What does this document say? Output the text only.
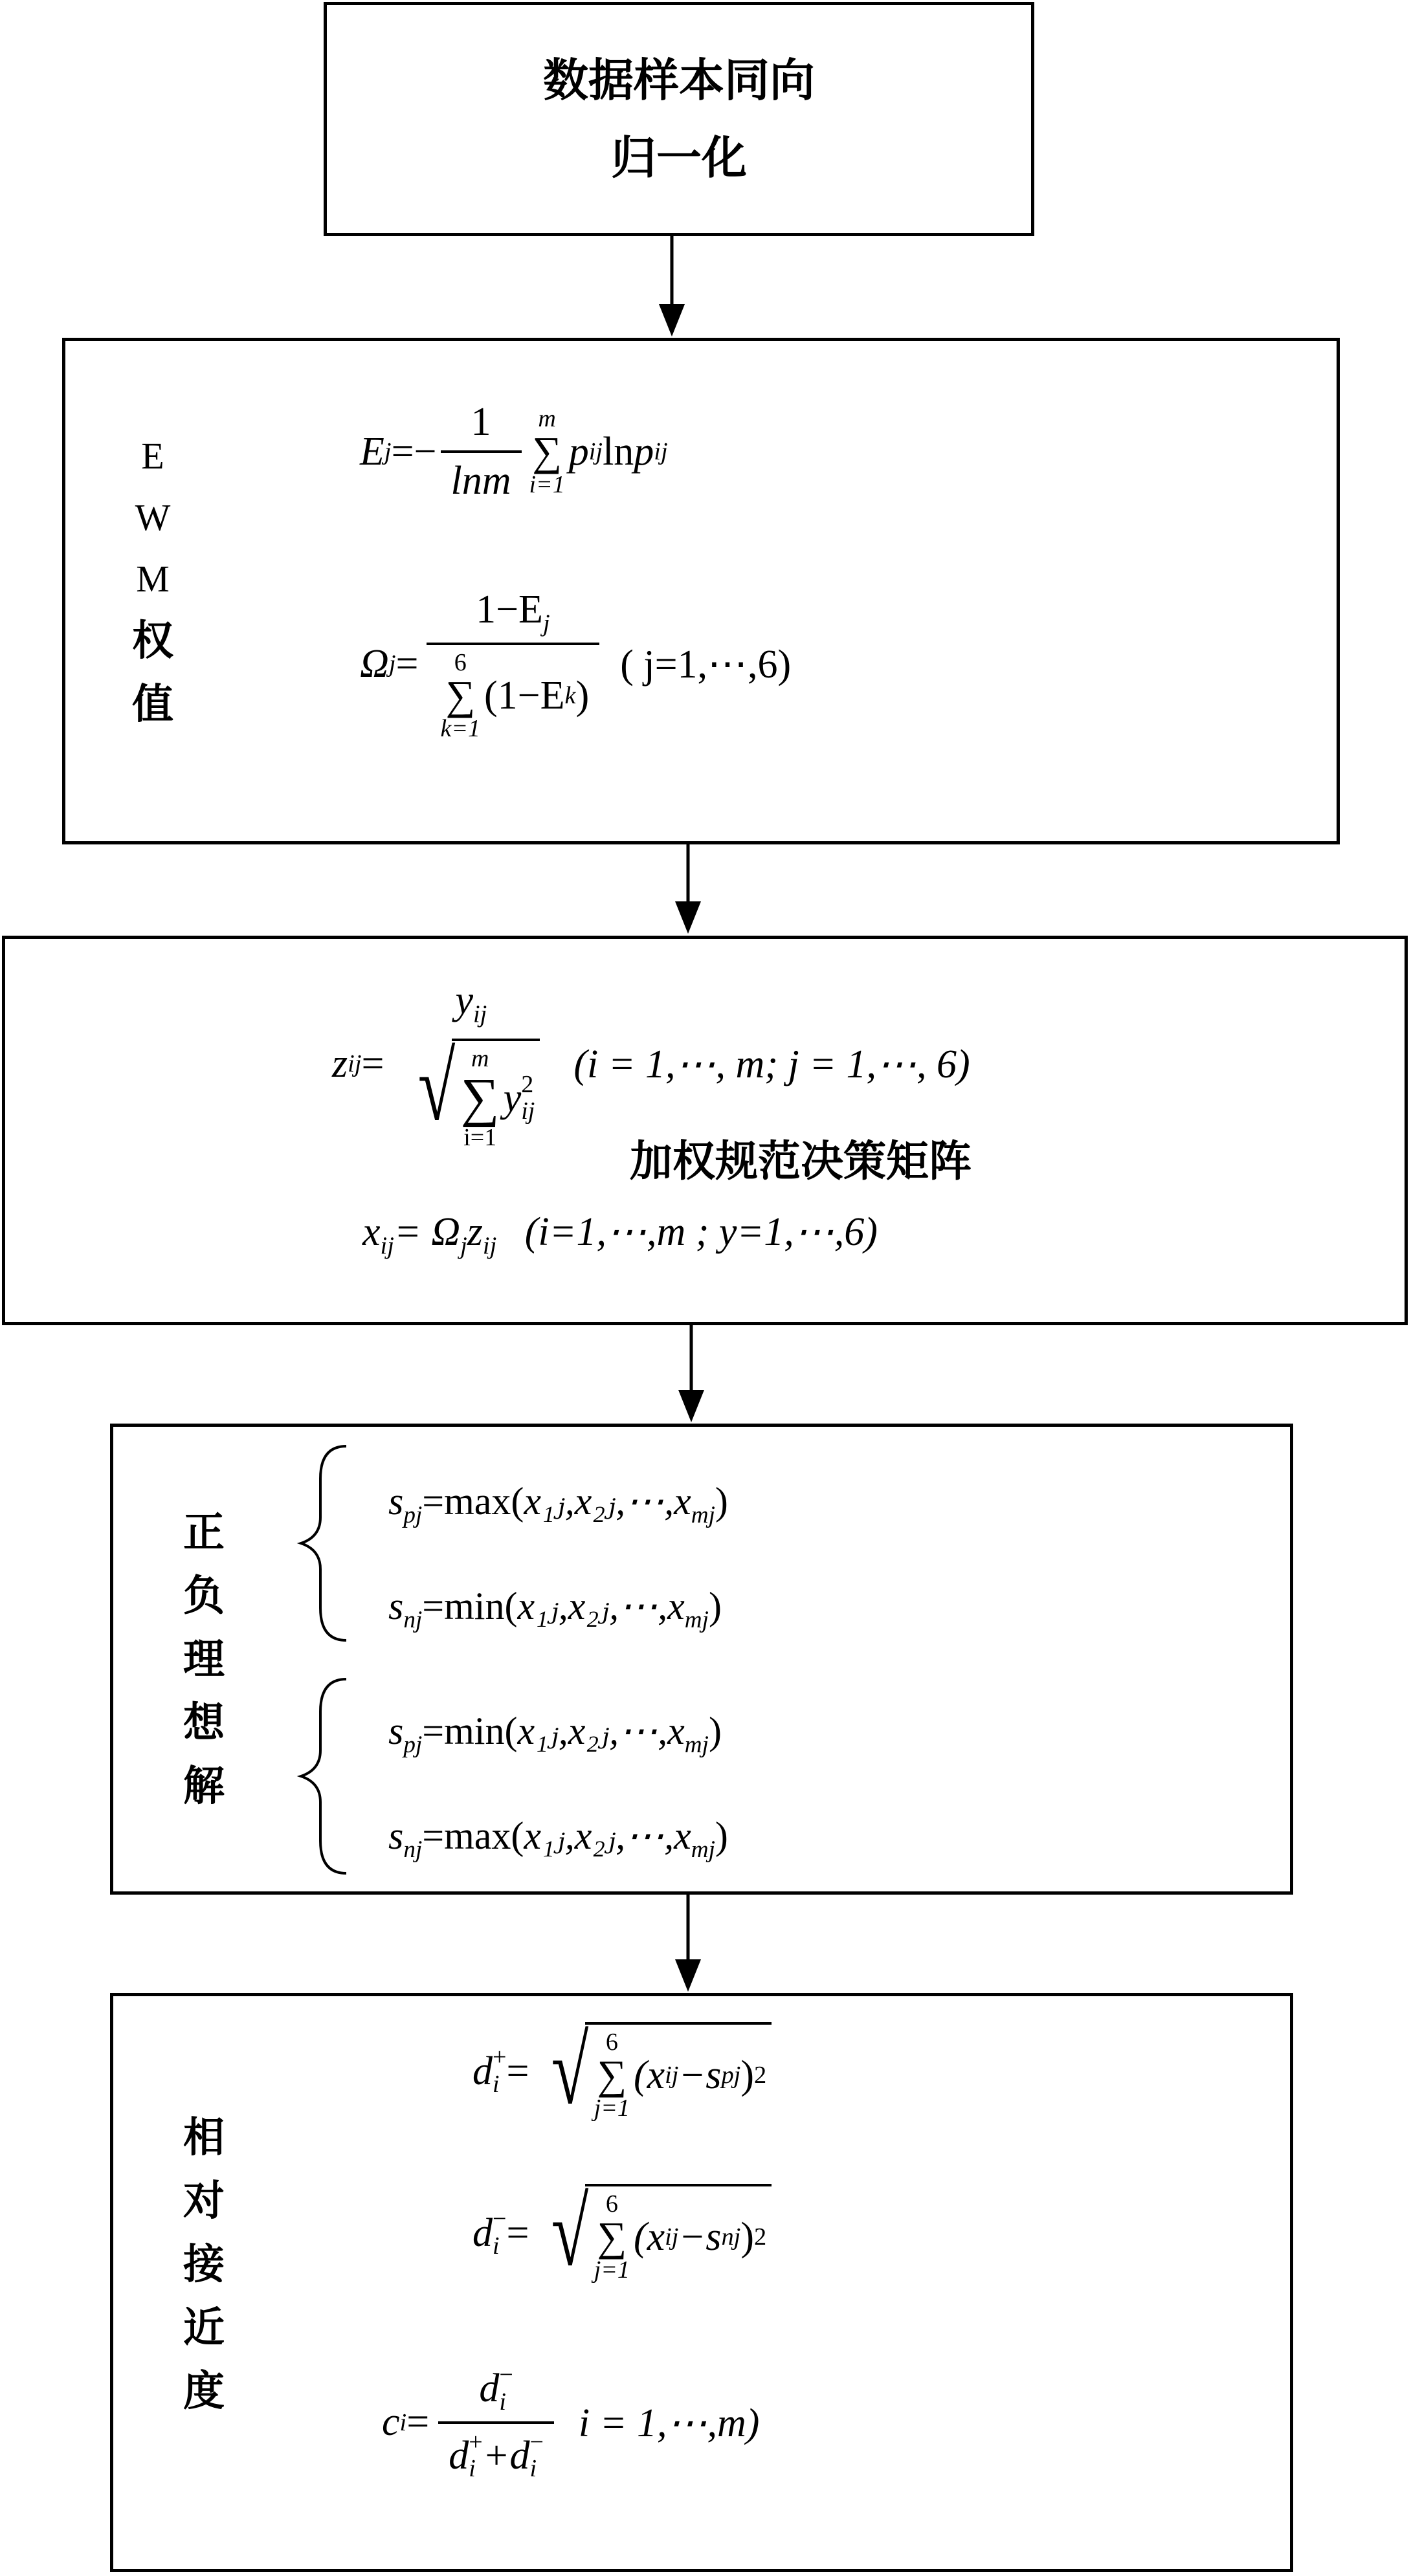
数据样本同向
归一化
E
W
M
权
值
E $j =- \frac{1}{\ln m}$ m
∑
i=1
p ij ln p ij
Ω $j = 1-E_j$
6
∑
k=1
(1−E k ) ( j=1,⋯,6)
z ij =
$y_{ij}$
√ m
∑
i=1
y 2
ij
(i = 1,⋯, m; j = 1,⋯, 6)
加权规范决策矩阵
$x_{ij}= \Omega_jz_{ij}$ (i=1,⋯,m ; y=1,⋯,6)
正
负
理
想
解
$s_{pj}=\max(x_1ⱼ,x_2ⱼ,\cdots,x_{mj})$
$s_{nj}=\min(x_1ⱼ,x_2ⱼ,\cdots,x_{mj})$
$s_{pj}=\min(x_1ⱼ,x_2ⱼ,\cdots,x_{mj})$
$s_{nj}=\max(x_1ⱼ,x_2ⱼ,\cdots,x_{mj})$
相
对
接
近
度
d +
i = √ 6
∑
j=1
(x ij −s pj ) 2
d −
i = √ 6
∑
j=1
(x ij −s nj ) 2
c i = d −
i
d +
i +d −
i i = 1,⋯,m)
